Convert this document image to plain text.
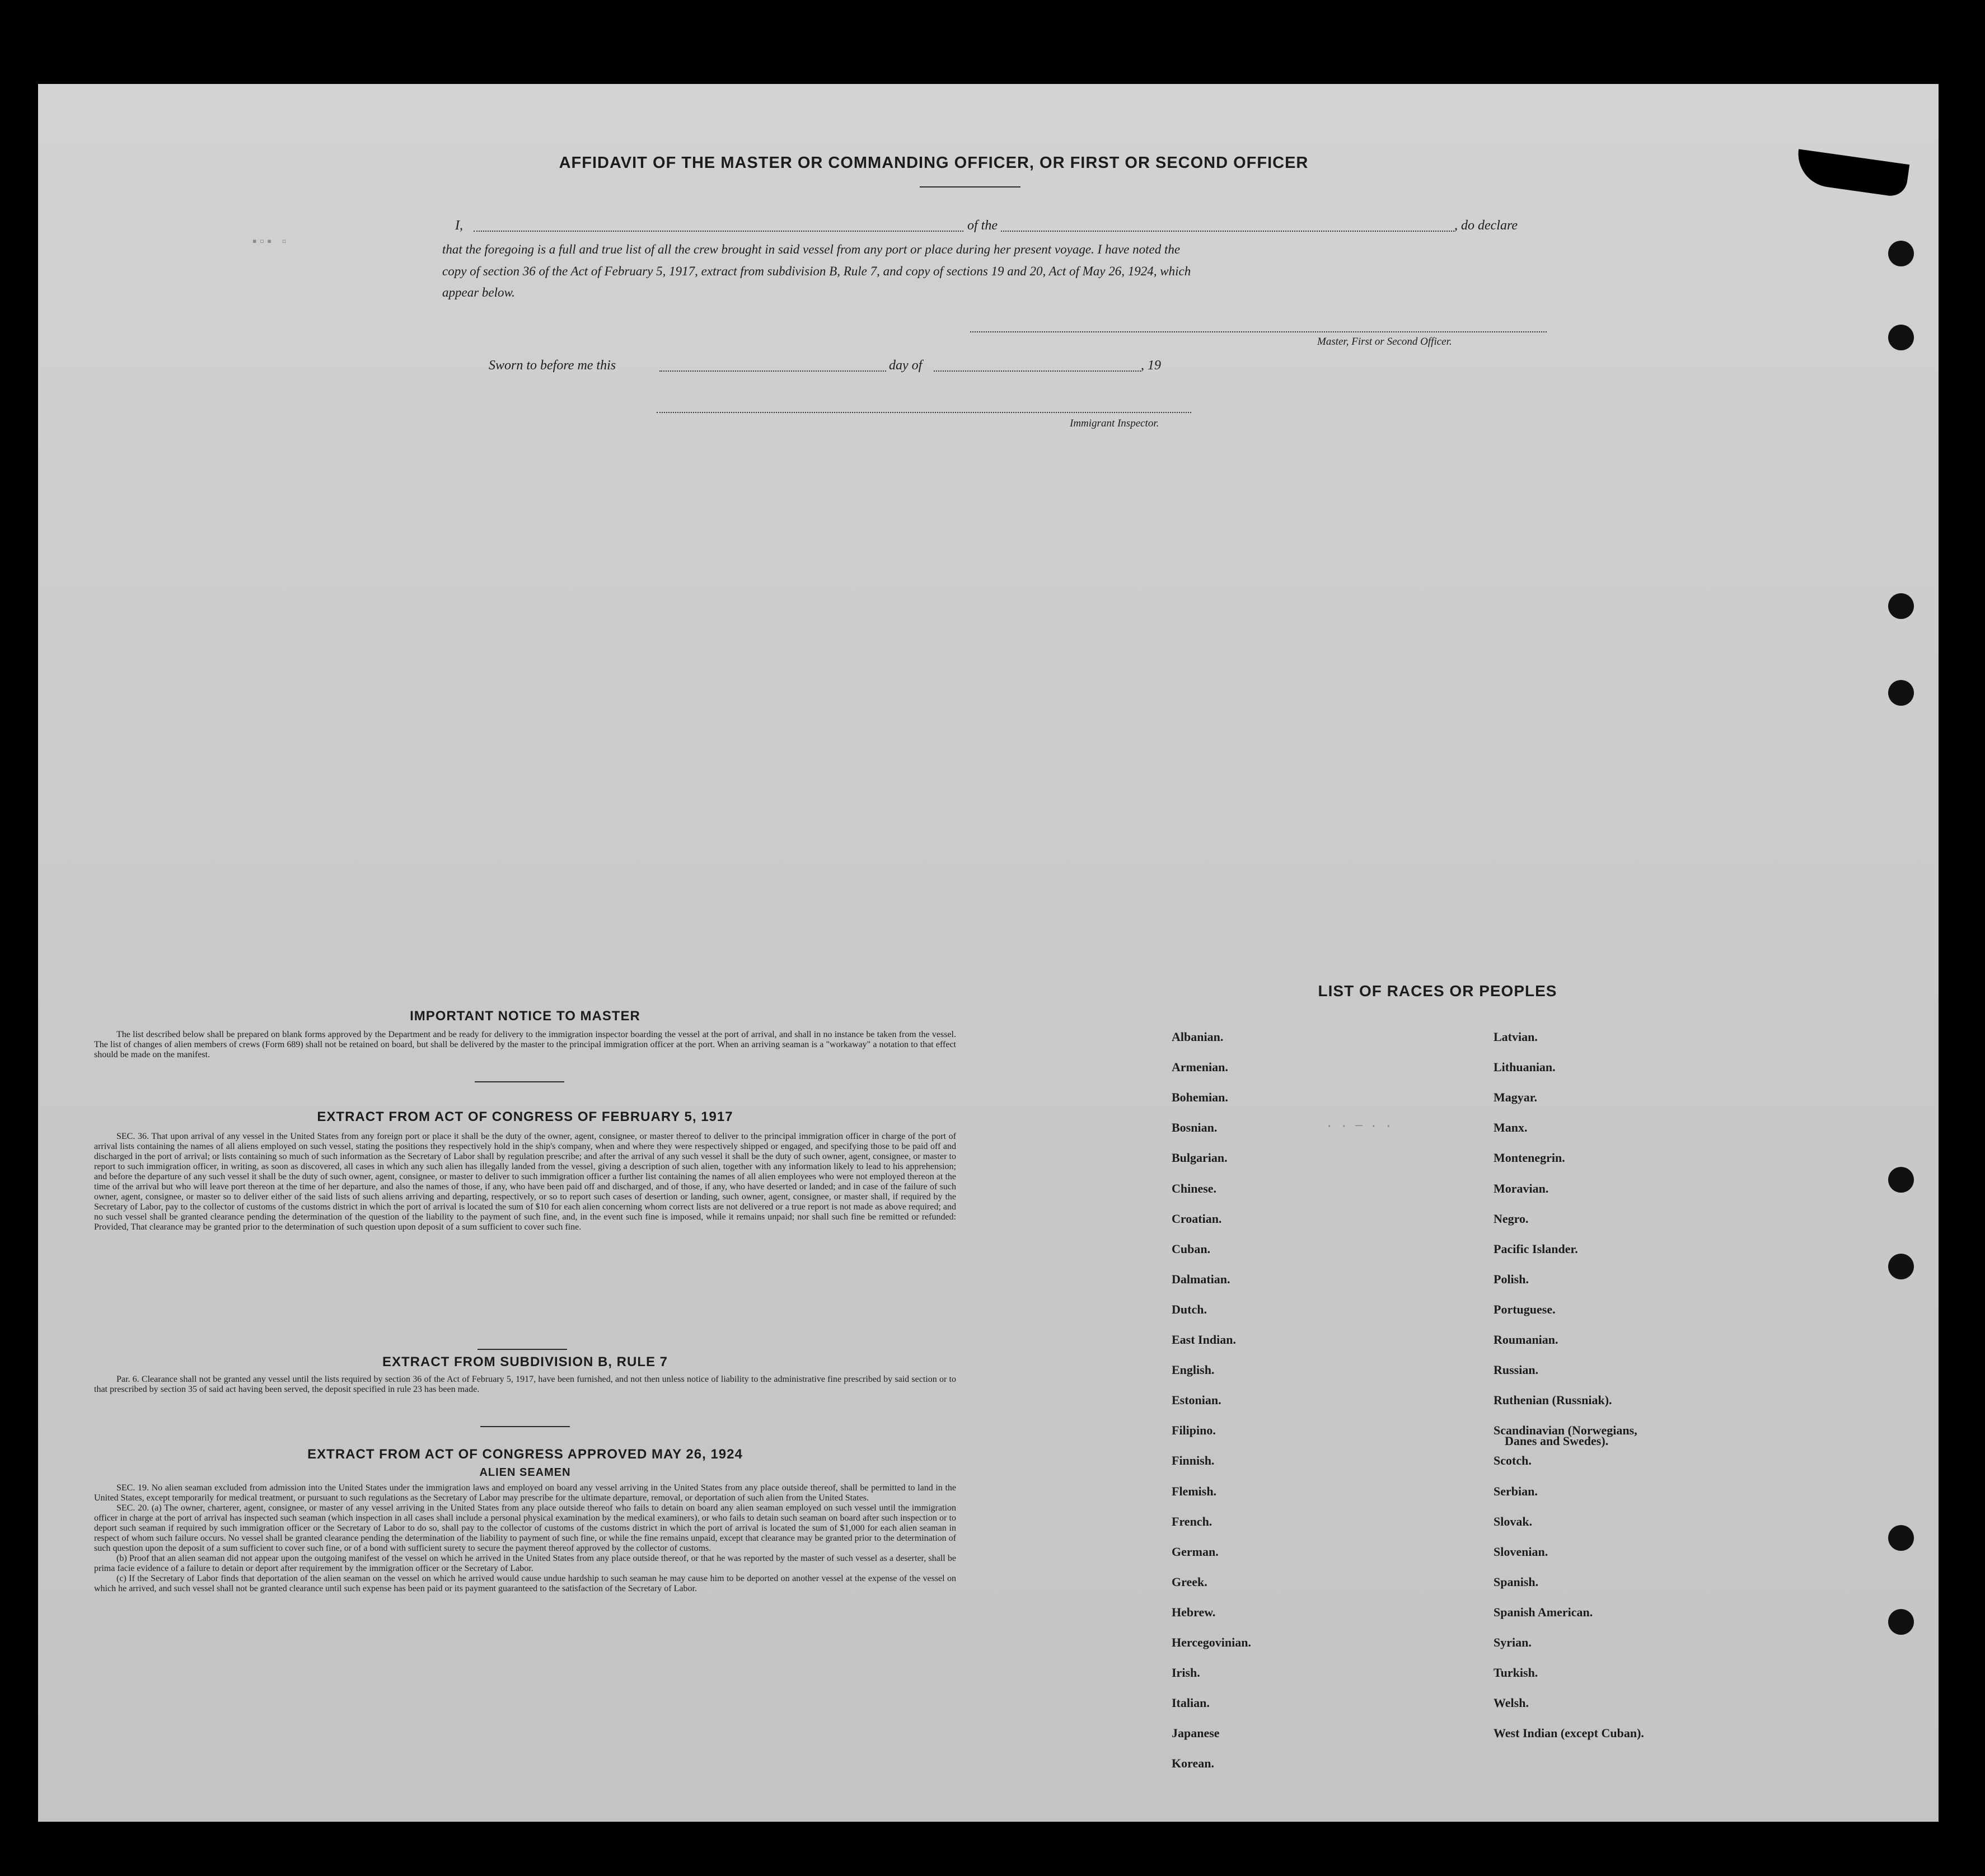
▪▫▪ ▫
· · ─ · ·
AFFIDAVIT OF THE MASTER OR COMMANDING OFFICER, OR FIRST OR SECOND OFFICER
I,	of the	, do declare
that the foregoing is a full and true list of all the crew brought in said vessel from any port or place during her present voyage. I have noted the
copy of section 36 of the Act of February 5, 1917, extract from subdivision B, Rule 7, and copy of sections 19 and 20, Act of May 26, 1924, which
appear below.
Master, First or Second Officer.
Sworn to before me this	day of	, 19
Immigrant Inspector.
IMPORTANT NOTICE TO MASTER

The list described below shall be prepared on blank forms approved by the Department and be ready for delivery to the immigration inspector boarding the vessel at the port of arrival, and shall in no instance be taken from the vessel. The list of changes of alien members of crews (Form 689) shall not be retained on board, but shall be delivered by the master to the principal immigration officer at the port. When an arriving seaman is a "workaway" a notation to that effect should be made on the manifest.

EXTRACT FROM ACT OF CONGRESS OF FEBRUARY 5, 1917

SEC. 36. That upon arrival of any vessel in the United States from any foreign port or place it shall be the duty of the owner, agent, consignee, or master thereof to deliver to the principal immigration officer in charge of the port of arrival lists containing the names of all aliens employed on such vessel, stating the positions they respectively hold in the ship's company, when and where they were respectively shipped or engaged, and specifying those to be paid off and discharged in the port of arrival; or lists containing so much of such information as the Secretary of Labor shall by regulation prescribe; and after the arrival of any such vessel it shall be the duty of such owner, agent, consignee, or master to report to such immigration officer, in writing, as soon as discovered, all cases in which any such alien has illegally landed from the vessel, giving a description of such alien, together with any information likely to lead to his apprehension; and before the departure of any such vessel it shall be the duty of such owner, agent, consignee, or master to deliver to such immigration officer a further list containing the names of all alien employees who were not employed thereon at the time of the arrival but who will leave port thereon at the time of her departure, and also the names of those, if any, who have been paid off and discharged, and of those, if any, who have deserted or landed; and in case of the failure of such owner, agent, consignee, or master so to deliver either of the said lists of such aliens arriving and departing, respectively, or so to report such cases of desertion or landing, such owner, agent, consignee, or master shall, if required by the Secretary of Labor, pay to the collector of customs of the customs district in which the port of arrival is located the sum of $10 for each alien concerning whom correct lists are not delivered or a true report is not made as above required; and no such vessel shall be granted clearance pending the determination of the question of the liability to the payment of such fine, and, in the event such fine is imposed, while it remains unpaid; nor shall such fine be remitted or refunded: Provided, That clearance may be granted prior to the determination of such question upon deposit of a sum sufficient to cover such fine.

EXTRACT FROM SUBDIVISION B, RULE 7

Par. 6. Clearance shall not be granted any vessel until the lists required by section 36 of the Act of February 5, 1917, have been furnished, and not then unless notice of liability to the administrative fine prescribed by said section or to that prescribed by section 35 of said act having been served, the deposit specified in rule 23 has been made.

EXTRACT FROM ACT OF CONGRESS APPROVED MAY 26, 1924
ALIEN SEAMEN

SEC. 19. No alien seaman excluded from admission into the United States under the immigration laws and employed on board any vessel arriving in the United States from any place outside thereof, shall be permitted to land in the United States, except temporarily for medical treatment, or pursuant to such regulations as the Secretary of Labor may prescribe for the ultimate departure, removal, or deportation of such alien from the United States.

SEC. 20. (a) The owner, charterer, agent, consignee, or master of any vessel arriving in the United States from any place outside thereof who fails to detain on board any alien seaman employed on such vessel until the immigration officer in charge at the port of arrival has inspected such seaman (which inspection in all cases shall include a personal physical examination by the medical examiners), or who fails to detain such seaman on board after such inspection or to deport such seaman if required by such immigration officer or the Secretary of Labor to do so, shall pay to the collector of customs of the customs district in which the port of arrival is located the sum of $1,000 for each alien seaman in respect of whom such failure occurs. No vessel shall be granted clearance pending the determination of the liability to payment of such fine, or while the fine remains unpaid, except that clearance may be granted prior to the determination of such question upon the deposit of a sum sufficient to cover such fine, or of a bond with sufficient surety to secure the payment thereof approved by the collector of customs.

(b) Proof that an alien seaman did not appear upon the outgoing manifest of the vessel on which he arrived in the United States from any place outside thereof, or that he was reported by the master of such vessel as a deserter, shall be prima facie evidence of a failure to detain or deport after requirement by the immigration officer or the Secretary of Labor.

(c) If the Secretary of Labor finds that deportation of the alien seaman on the vessel on which he arrived would cause undue hardship to such seaman he may cause him to be deported on another vessel at the expense of the vessel on which he arrived, and such vessel shall not be granted clearance until such expense has been paid or its payment guaranteed to the satisfaction of the Secretary of Labor.

LIST OF RACES OR PEOPLES
Danes and Swedes).
Albanian.
Armenian.
Bohemian.
Bosnian.
Bulgarian.
Chinese.
Croatian.
Cuban.
Dalmatian.
Dutch.
East Indian.
English.
Estonian.
Filipino.
Finnish.
Flemish.
French.
German.
Greek.
Hebrew.
Hercegovinian.
Irish.
Italian.
Japanese
Korean.
Latvian.
Lithuanian.
Magyar.
Manx.
Montenegrin.
Moravian.
Negro.
Pacific Islander.
Polish.
Portuguese.
Roumanian.
Russian.
Ruthenian (Russniak).
Scandinavian (Norwegians,
Scotch.
Serbian.
Slovak.
Slovenian.
Spanish.
Spanish American.
Syrian.
Turkish.
Welsh.
West Indian (except Cuban).
